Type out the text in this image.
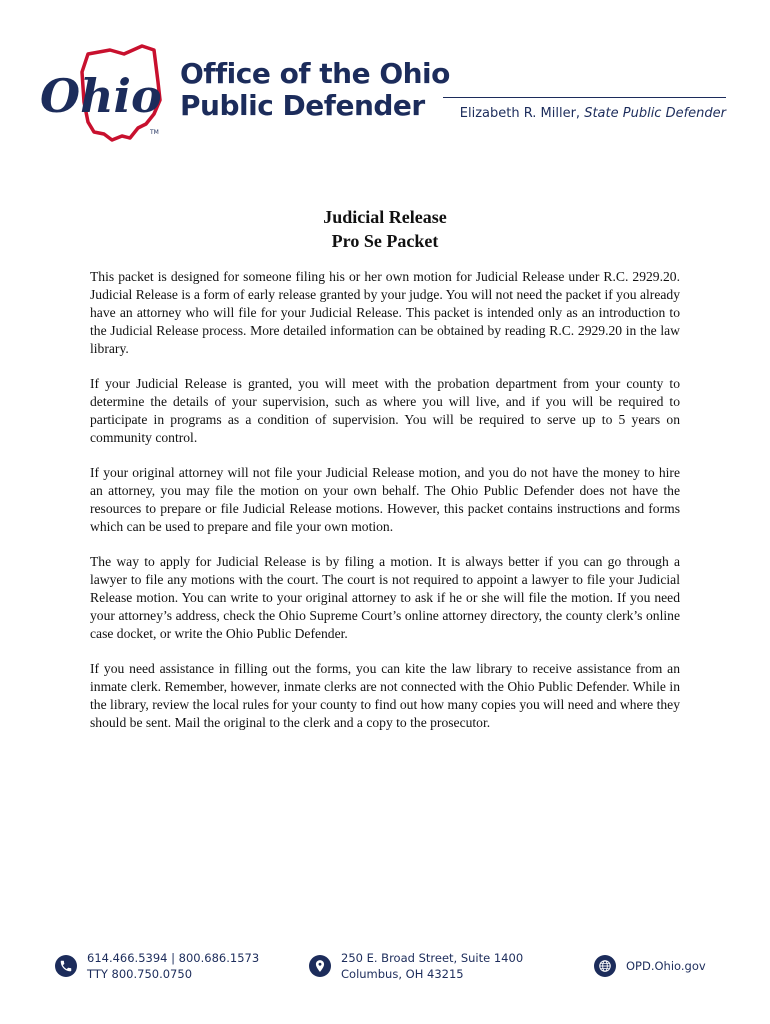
Ohio
TM
Office of the Ohio
Public Defender	Elizabeth R. Miller, State Public Defender
Judicial Release
Pro Se Packet

This packet is designed for someone filing his or her own motion for Judicial Release under R.C. 2929.20. Judicial Release is a form of early release granted by your judge. You will not need the packet if you already have an attorney who will file for your Judicial Release. This packet is intended only as an introduction to the Judicial Release process. More detailed information can be obtained by reading R.C. 2929.20 in the law library.

If your Judicial Release is granted, you will meet with the probation department from your county to determine the details of your supervision, such as where you will live, and if you will be required to participate in programs as a condition of supervision. You will be required to serve up to 5 years on community control.

If your original attorney will not file your Judicial Release motion, and you do not have the money to hire an attorney, you may file the motion on your own behalf. The Ohio Public Defender does not have the resources to prepare or file Judicial Release motions. However, this packet contains instructions and forms which can be used to prepare and file your own motion.

The way to apply for Judicial Release is by filing a motion. It is always better if you can go through a lawyer to file any motions with the court. The court is not required to appoint a lawyer to file your Judicial Release motion. You can write to your original attorney to ask if he or she will file the motion. If you need your attorney’s address, check the Ohio Supreme Court’s online attorney directory, the county clerk’s online case docket, or write the Ohio Public Defender.

If you need assistance in filling out the forms, you can kite the law library to receive assistance from an inmate clerk. Remember, however, inmate clerks are not connected with the Ohio Public Defender. While in the library, review the local rules for your county to find out how many copies you will need and where they should be sent. Mail the original to the clerk and a copy to the prosecutor.

614.466.5394 | 800.686.1573
TTY 800.750.0750
250 E. Broad Street, Suite 1400
Columbus, OH 43215
OPD.Ohio.gov
